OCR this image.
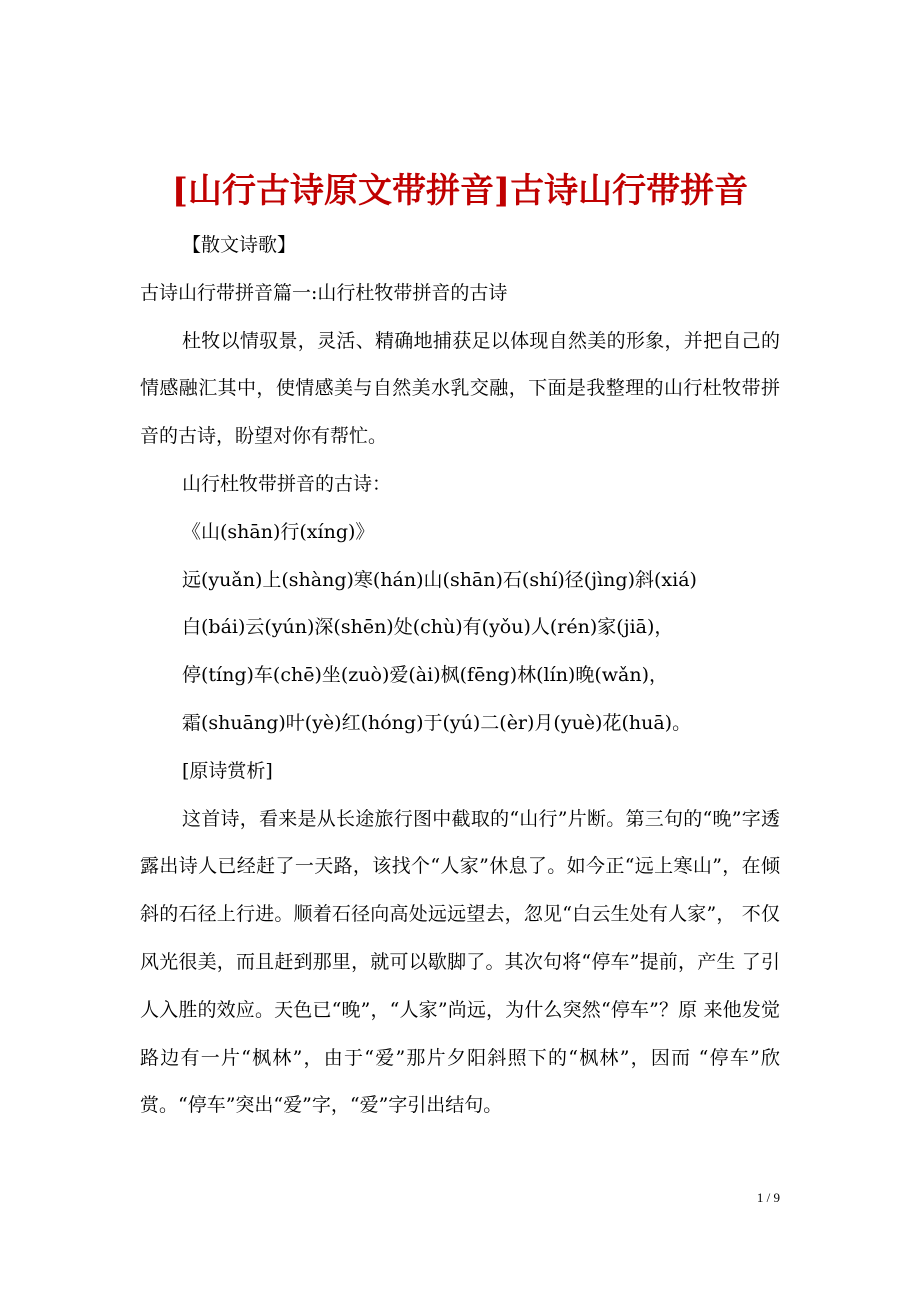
[山行古诗原文带拼音]古诗山行带拼音

【散文诗歌】

古诗山行带拼音篇一:山行杜牧带拼音的古诗

杜牧以情驭景，灵活、精确地捕获足以体现自然美的形象，并把自己的情感融汇其中，使情感美与自然美水乳交融，下面是我整理的山行杜牧带拼音的古诗，盼望对你有帮忙。

山行杜牧带拼音的古诗：

《山(shān)行(xíng)》

远(yuǎn)上(shàng)寒(hán)山(shān)石(shí)径(jìng)斜(xiá)

白(bái)云(yún)深(shēn)处(chù)有(yǒu)人(rén)家(jiā)，

停(tíng)车(chē)坐(zuò)爱(ài)枫(fēng)林(lín)晚(wǎn)，

霜(shuāng)叶(yè)红(hóng)于(yú)二(èr)月(yuè)花(huā)。

[原诗赏析]

这首诗，看来是从长途旅行图中截取的“山行”片断。第三句的“晚”字透露出诗人已经赶了一天路，该找个“人家”休息了。如今正“远上寒山”，在倾斜的石径上行进。顺着石径向高处远远望去，忽见“白云生处有人家”， 不仅风光很美，而且赶到那里，就可以歇脚了。其次句将“停车”提前，产生 了引人入胜的效应。天色已“晚”，“人家”尚远，为什么突然“停车”？原 来他发觉路边有一片“枫林”，由于“爱”那片夕阳斜照下的“枫林”，因而 “停车”欣赏。“停车”突出“爱”字，“爱”字引出结句。

1 / 9
